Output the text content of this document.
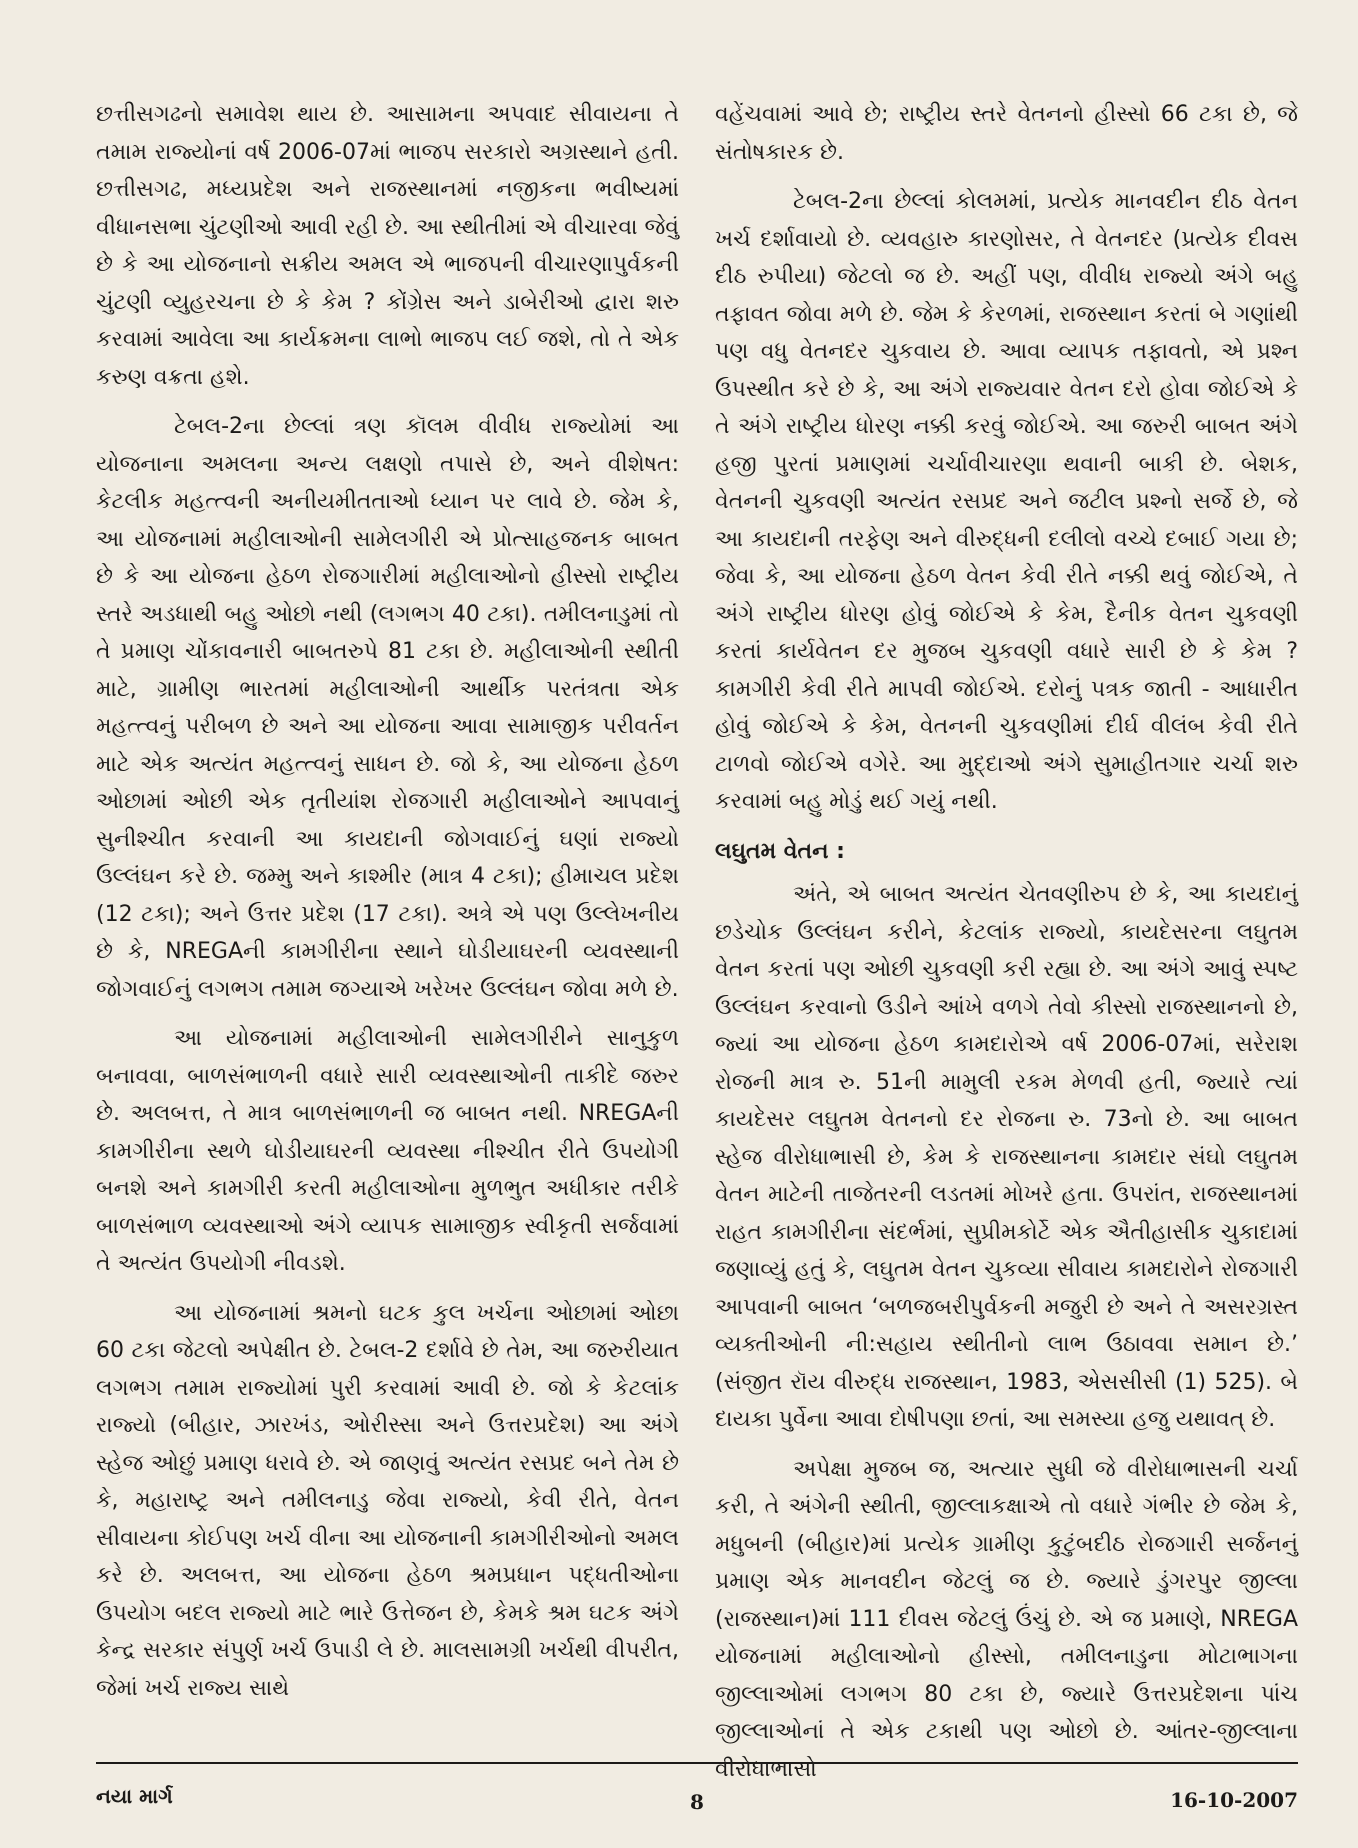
છત્તીસગઢનો સમાવેશ થાય છે. આસામના અપવાદ સીવાયના તે તમામ રાજ્યોનાં વર્ષ 2006-07માં ભાજપ સરકારો અગ્રસ્થાને હતી. છત્તીસગઢ, મધ્યપ્રદેશ અને રાજસ્થાનમાં નજીકના ભવીષ્યમાં વીધાનસભા ચુંટણીઓ આવી રહી છે. આ સ્થીતીમાં એ વીચારવા જેવું છે કે આ યોજનાનો સક્રીય અમલ એ ભાજપની વીચારણાપુર્વકની ચુંટણી વ્યુહરચના છે કે કેમ ? કોંગ્રેસ અને ડાબેરીઓ દ્વારા શરુ કરવામાં આવેલા આ કાર્યક્રમના લાભો ભાજપ લઈ જશે, તો તે એક કરુણ વક્રતા હશે.

ટેબલ-2ના છેલ્લાં ત્રણ કૉલમ વીવીધ રાજ્યોમાં આ યોજનાના અમલના અન્ય લક્ષણો તપાસે છે, અને વીશેષત: કેટલીક મહત્ત્વની અનીયમીતતાઓ ધ્યાન પર લાવે છે. જેમ કે, આ યોજનામાં મહીલાઓની સામેલગીરી એ પ્રોત્સાહજનક બાબત છે કે આ યોજના હેઠળ રોજગારીમાં મહીલાઓનો હીસ્સો રાષ્ટ્રીય સ્તરે અડધાથી બહુ ઓછો નથી (લગભગ 40 ટકા). તમીલનાડુમાં તો તે પ્રમાણ ચોંકાવનારી બાબતરુપે 81 ટકા છે. મહીલાઓની સ્થીતી માટે, ગ્રામીણ ભારતમાં મહીલાઓની આર્થીક પરતંત્રતા એક મહત્ત્વનું પરીબળ છે અને આ યોજના આવા સામાજીક પરીવર્તન માટે એક અત્યંત મહત્ત્વનું સાધન છે. જો કે, આ યોજના હેઠળ ઓછામાં ઓછી એક તૃતીયાંશ રોજગારી મહીલાઓને આપવાનું સુનીશ્ચીત કરવાની આ કાયદાની જોગવાઈનું ઘણાં રાજ્યો ઉલ્લંઘન કરે છે. જમ્મુ અને કાશ્મીર (માત્ર 4 ટકા); હીમાચલ પ્રદેશ (12 ટકા); અને ઉત્તર પ્રદેશ (17 ટકા). અત્રે એ પણ ઉલ્લેખનીય છે કે, NREGAની કામગીરીના સ્થાને ઘોડીયાઘરની વ્યવસ્થાની જોગવાઈનું લગભગ તમામ જગ્યાએ ખરેખર ઉલ્લંઘન જોવા મળે છે.

આ યોજનામાં મહીલાઓની સામેલગીરીને સાનુકુળ બનાવવા, બાળસંભાળની વધારે સારી વ્યવસ્થાઓની તાકીદે જરુર છે. અલબત્ત, તે માત્ર બાળસંભાળની જ બાબત નથી. NREGAની કામગીરીના સ્થળે ઘોડીયાઘરની વ્યવસ્થા નીશ્ચીત રીતે ઉપયોગી બનશે અને કામગીરી કરતી મહીલાઓના મુળભુત અધીકાર તરીકે બાળસંભાળ વ્યવસ્થાઓ અંગે વ્યાપક સામાજીક સ્વીકૃતી સર્જવામાં તે અત્યંત ઉપયોગી નીવડશે.

આ યોજનામાં શ્રમનો ઘટક કુલ ખર્ચના ઓછામાં ઓછા 60 ટકા જેટલો અપેક્ષીત છે. ટેબલ-2 દર્શાવે છે તેમ, આ જરુરીયાત લગભગ તમામ રાજ્યોમાં પુરી કરવામાં આવી છે. જો કે કેટલાંક રાજ્યો (બીહાર, ઝારખંડ, ઓરીસ્સા અને ઉત્તરપ્રદેશ) આ અંગે સ્હેજ ઓછું પ્રમાણ ધરાવે છે. એ જાણવું અત્યંત રસપ્રદ બને તેમ છે કે, મહારાષ્ટ્ર અને તમીલનાડુ જેવા રાજ્યો, કેવી રીતે, વેતન સીવાયના કોઈપણ ખર્ચ વીના આ યોજનાની કામગીરીઓનો અમલ કરે છે. અલબત્ત, આ યોજના હેઠળ શ્રમપ્રધાન પદ્ધતીઓના ઉપયોગ બદલ રાજ્યો માટે ભારે ઉત્તેજન છે, કેમકે શ્રમ ઘટક અંગે કેન્દ્ર સરકાર સંપુર્ણ ખર્ચ ઉપાડી લે છે. માલસામગ્રી ખર્ચથી વીપરીત, જેમાં ખર્ચ રાજ્ય સાથે

વહેંચવામાં આવે છે; રાષ્ટ્રીય સ્તરે વેતનનો હીસ્સો 66 ટકા છે, જે સંતોષકારક છે.

ટેબલ-2ના છેલ્લાં કોલમમાં, પ્રત્યેક માનવદીન દીઠ વેતન ખર્ચ દર્શાવાયો છે. વ્યવહારુ કારણોસર, તે વેતનદર (પ્રત્યેક દીવસ દીઠ રુપીયા) જેટલો જ છે. અહીં પણ, વીવીધ રાજ્યો અંગે બહુ તફાવત જોવા મળે છે. જેમ કે કેરળમાં, રાજસ્થાન કરતાં બે ગણાંથી પણ વધુ વેતનદર ચુકવાય છે. આવા વ્યાપક તફાવતો, એ પ્રશ્ન ઉપસ્થીત કરે છે કે, આ અંગે રાજ્યવાર વેતન દરો હોવા જોઈએ કે તે અંગે રાષ્ટ્રીય ધોરણ નક્કી કરવું જોઈએ. આ જરુરી બાબત અંગે હજી પુરતાં પ્રમાણમાં ચર્ચાવીચારણા થવાની બાકી છે. બેશક, વેતનની ચુકવણી અત્યંત રસપ્રદ અને જટીલ પ્રશ્નો સર્જે છે, જે આ કાયદાની તરફેણ અને વીરુદ્ધની દલીલો વચ્ચે દબાઈ ગયા છે; જેવા કે, આ યોજના હેઠળ વેતન કેવી રીતે નક્કી થવું જોઈએ, તે અંગે રાષ્ટ્રીય ધોરણ હોવું જોઈએ કે કેમ, દૈનીક વેતન ચુકવણી કરતાં કાર્યવેતન દર મુજબ ચુકવણી વધારે સારી છે કે કેમ ? કામગીરી કેવી રીતે માપવી જોઈએ. દરોનું પત્રક જાતી - આધારીત હોવું જોઈએ કે કેમ, વેતનની ચુકવણીમાં દીર્ઘ વીલંબ કેવી રીતે ટાળવો જોઈએ વગેરે. આ મુદ્દાઓ અંગે સુમાહીતગાર ચર્ચા શરુ કરવામાં બહુ મોડું થઈ ગયું નથી.

લઘુતમ વેતન :

અંતે, એ બાબત અત્યંત ચેતવણીરુપ છે કે, આ કાયદાનું છડેચોક ઉલ્લંઘન કરીને, કેટલાંક રાજ્યો, કાયદેસરના લઘુતમ વેતન કરતાં પણ ઓછી ચુકવણી કરી રહ્યા છે. આ અંગે આવું સ્પષ્ટ ઉલ્લંઘન કરવાનો ઉડીને આંખે વળગે તેવો કીસ્સો રાજસ્થાનનો છે, જ્યાં આ યોજના હેઠળ કામદારોએ વર્ષ 2006-07માં, સરેરાશ રોજની માત્ર રુ. 51ની મામુલી રકમ મેળવી હતી, જ્યારે ત્યાં કાયદેસર લઘુતમ વેતનનો દર રોજના રુ. 73નો છે. આ બાબત સ્હેજ વીરોધાભાસી છે, કેમ કે રાજસ્થાનના કામદાર સંઘો લઘુતમ વેતન માટેની તાજેતરની લડતમાં મોખરે હતા. ઉપરાંત, રાજસ્થાનમાં રાહત કામગીરીના સંદર્ભમાં, સુપ્રીમકોર્ટે એક ઐતીહાસીક ચુકાદામાં જણાવ્યું હતું કે, લઘુતમ વેતન ચુકવ્યા સીવાય કામદારોને રોજગારી આપવાની બાબત ‘બળજબરીપુર્વકની મજુરી છે અને તે અસરગ્રસ્ત વ્યક્તીઓની ની:સહાય સ્થીતીનો લાભ ઉઠાવવા સમાન છે.’ (સંજીત રૉય વીરુદ્ધ રાજસ્થાન, 1983, એસસીસી (1) 525). બે દાયકા પુર્વેના આવા દોષીપણા છતાં, આ સમસ્યા હજુ યથાવત્ છે.

અપેક્ષા મુજબ જ, અત્યાર સુધી જે વીરોધાભાસની ચર્ચા કરી, તે અંગેની સ્થીતી, જીલ્લાકક્ષાએ તો વધારે ગંભીર છે જેમ કે, મધુબની (બીહાર)માં પ્રત્યેક ગ્રામીણ કુટુંબદીઠ રોજગારી સર્જનનું પ્રમાણ એક માનવદીન જેટલું જ છે. જ્યારે ડુંગરપુર જીલ્લા (રાજસ્થાન)માં 111 દીવસ જેટલું ઉંચું છે. એ જ પ્રમાણે, NREGA યોજનામાં મહીલાઓનો હીસ્સો, તમીલનાડુના મોટાભાગના જીલ્લાઓમાં લગભગ 80 ટકા છે, જ્યારે ઉત્તરપ્રદેશના પાંચ જીલ્લાઓનાં તે એક ટકાથી પણ ઓછો છે. આંતર-જીલ્લાના વીરોધાભાસો

નયા માર્ગ	8	16-10-2007
